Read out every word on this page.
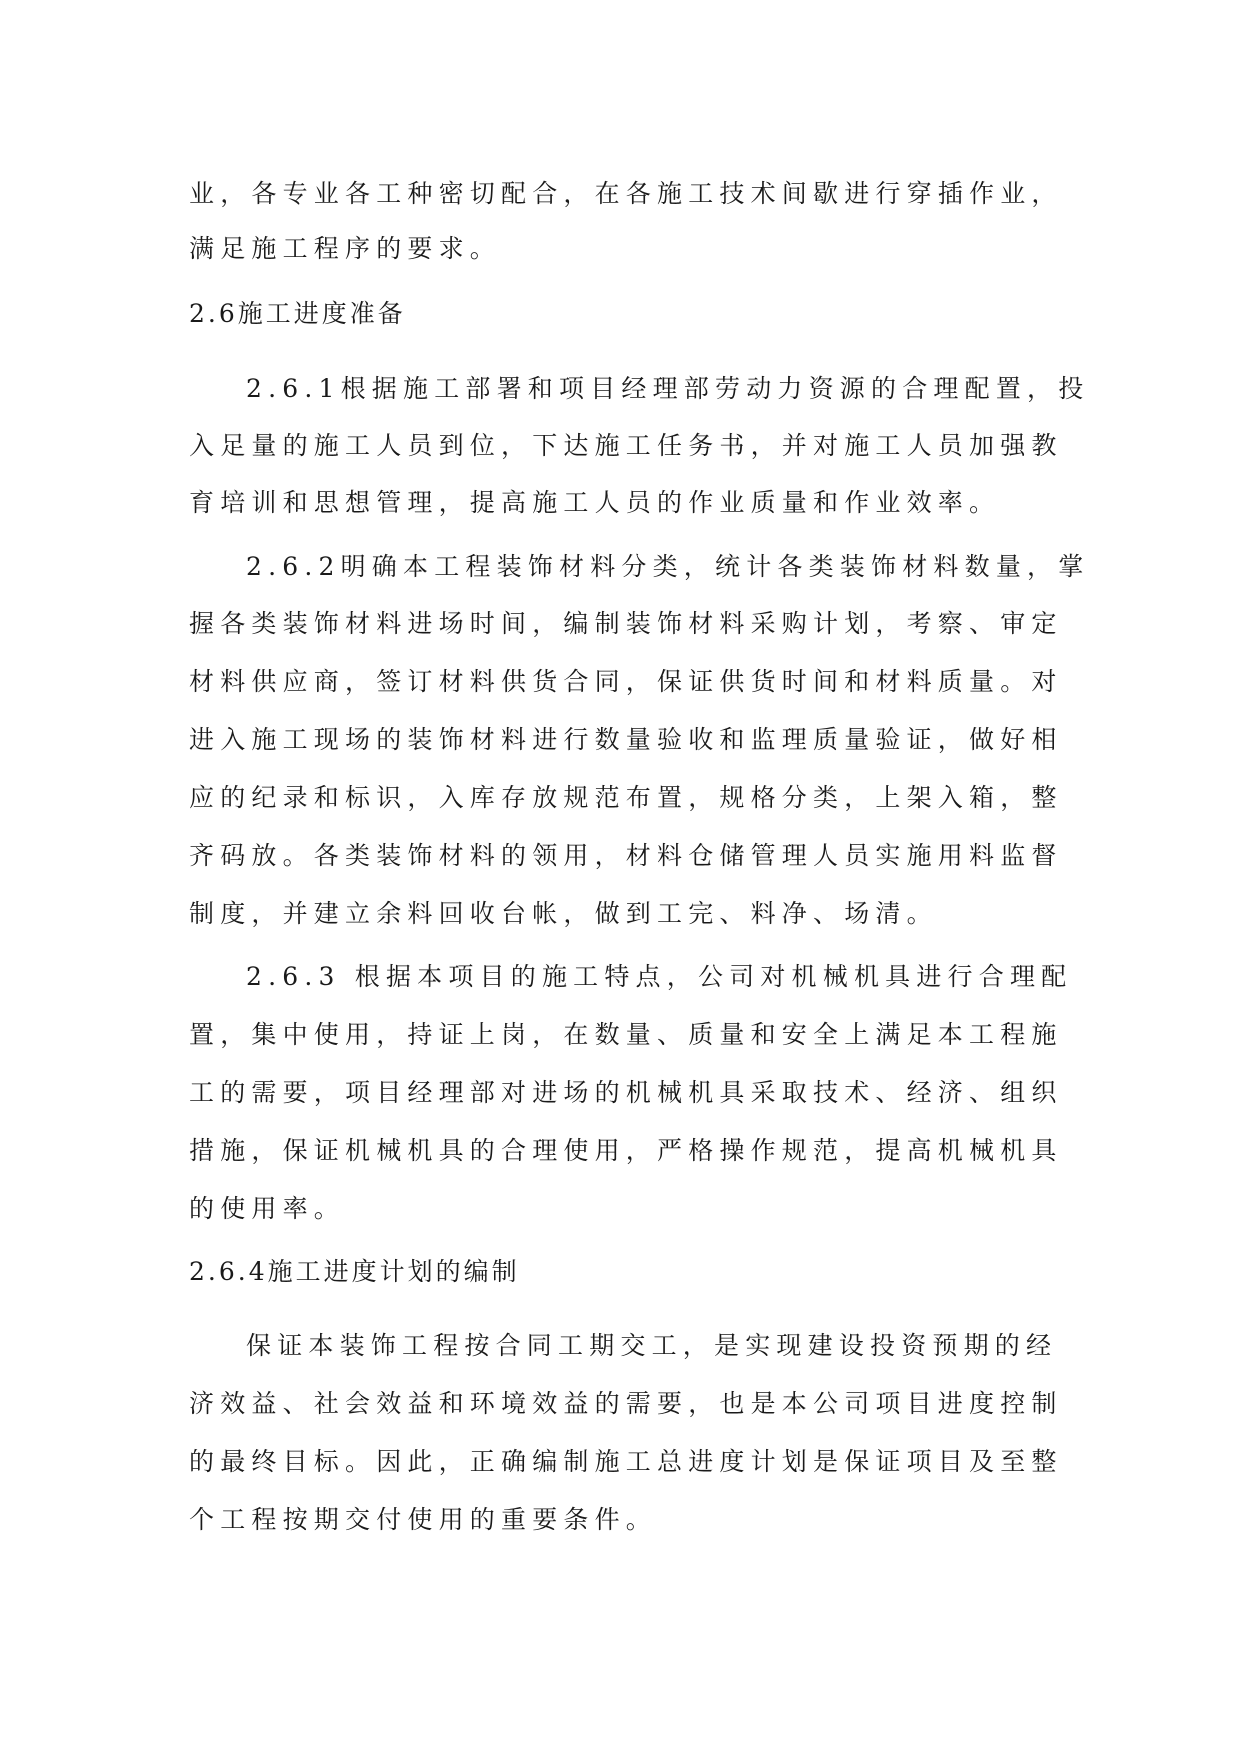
业，各专业各工种密切配合，在各施工技术间歇进行穿插作业，
满足施工程序的要求。
2.6施工进度准备
2.6.1根据施工部署和项目经理部劳动力资源的合理配置，投
入足量的施工人员到位，下达施工任务书，并对施工人员加强教
育培训和思想管理，提高施工人员的作业质量和作业效率。
2.6.2明确本工程装饰材料分类，统计各类装饰材料数量，掌
握各类装饰材料进场时间，编制装饰材料采购计划，考察、审定
材料供应商，签订材料供货合同，保证供货时间和材料质量。对
进入施工现场的装饰材料进行数量验收和监理质量验证，做好相
应的纪录和标识，入库存放规范布置，规格分类，上架入箱，整
齐码放。各类装饰材料的领用，材料仓储管理人员实施用料监督
制度，并建立余料回收台帐，做到工完、料净、场清。
2.6.3 根据本项目的施工特点，公司对机械机具进行合理配
置，集中使用，持证上岗，在数量、质量和安全上满足本工程施
工的需要，项目经理部对进场的机械机具采取技术、经济、组织
措施，保证机械机具的合理使用，严格操作规范，提高机械机具
的使用率。
2.6.4施工进度计划的编制
保证本装饰工程按合同工期交工，是实现建设投资预期的经
济效益、社会效益和环境效益的需要，也是本公司项目进度控制
的最终目标。因此，正确编制施工总进度计划是保证项目及至整
个工程按期交付使用的重要条件。
